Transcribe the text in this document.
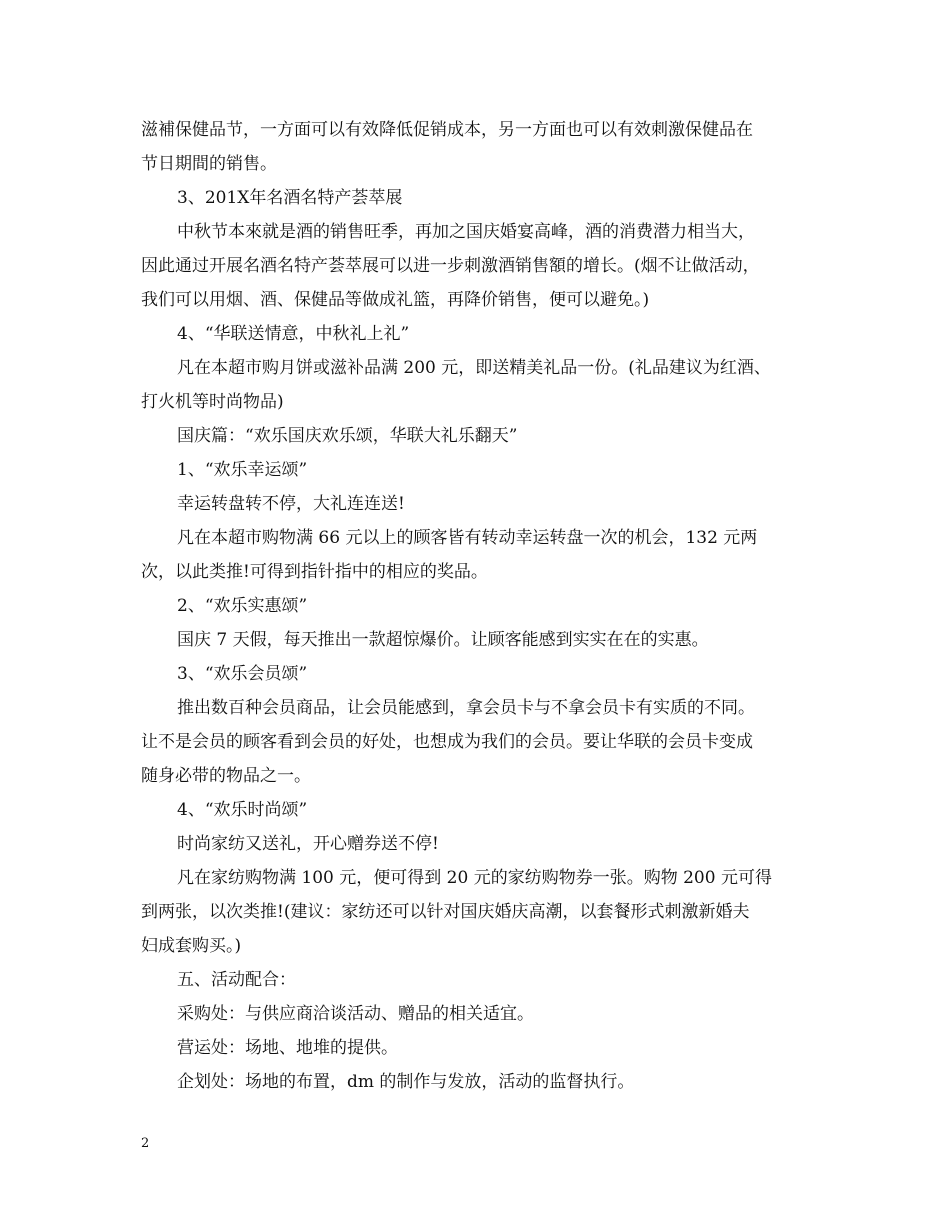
滋補保健品节，一方面可以有效降低促销成本，另一方面也可以有效刺激保健品在
节日期間的销售。
3、201X年名酒名特产荟萃展
中秋节本來就是酒的销售旺季，再加之国庆婚宴高峰，酒的消费潜力相当大，
因此通过开展名酒名特产荟萃展可以进一步刺激酒销售額的增长。(烟不让做活动，
我们可以用烟、酒、保健品等做成礼篮，再降价销售，便可以避免。)
4、“华联送情意，中秋礼上礼”
凡在本超市购月饼或滋补品满 200 元，即送精美礼品一份。(礼品建议为红酒、
打火机等时尚物品)
国庆篇：“欢乐国庆欢乐颂，华联大礼乐翻天”
1、“欢乐幸运颂”
幸运转盘转不停，大礼连连送!
凡在本超市购物满 66 元以上的顾客皆有转动幸运转盘一次的机会，132 元两
次，以此类推!可得到指针指中的相应的奖品。
2、“欢乐实惠颂”
国庆 7 天假，每天推出一款超惊爆价。让顾客能感到实实在在的实惠。
3、“欢乐会员颂”
推出数百种会员商品，让会员能感到，拿会员卡与不拿会员卡有实质的不同。
让不是会员的顾客看到会员的好处，也想成为我们的会员。要让华联的会员卡变成
随身必带的物品之一。
4、“欢乐时尚颂”
时尚家纺又送礼，开心赠券送不停!
凡在家纺购物满 100 元，便可得到 20 元的家纺购物券一张。购物 200 元可得
到两张，以次类推!(建议：家纺还可以针对国庆婚庆高潮，以套餐形式刺激新婚夫
妇成套购买。)
五、活动配合：
采购处：与供应商洽谈活动、赠品的相关适宜。
营运处：场地、地堆的提供。
企划处：场地的布置，dm 的制作与发放，活动的监督执行。
2
